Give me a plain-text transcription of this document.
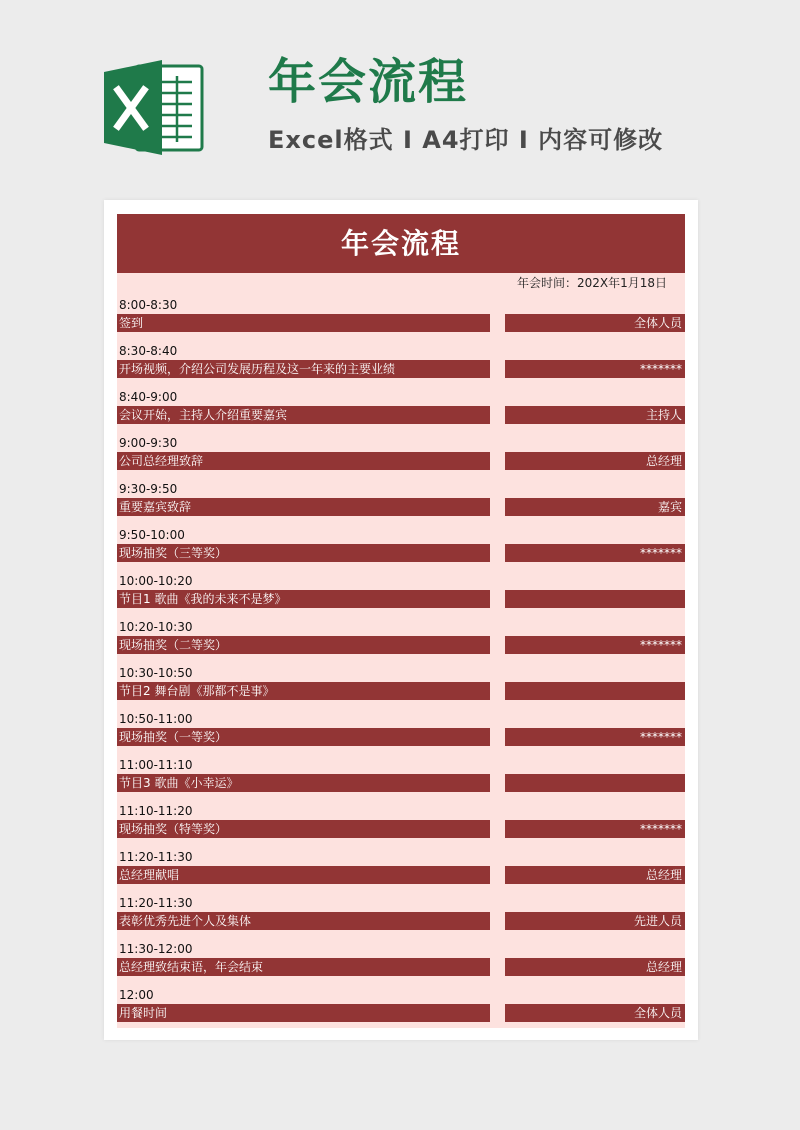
年会流程
Excel格式 I A4打印 I 内容可修改
年会流程
年会时间：202X年1月18日
8:00-8:30
签到	全体人员
8:30-8:40
开场视频，介绍公司发展历程及这一年来的主要业绩	*******
8:40-9:00
会议开始，主持人介绍重要嘉宾	主持人
9:00-9:30
公司总经理致辞	总经理
9:30-9:50
重要嘉宾致辞	嘉宾
9:50-10:00
现场抽奖（三等奖）	*******
10:00-10:20
节目1 歌曲《我的未来不是梦》
10:20-10:30
现场抽奖（二等奖）	*******
10:30-10:50
节目2 舞台剧《那都不是事》
10:50-11:00
现场抽奖（一等奖）	*******
11:00-11:10
节目3 歌曲《小幸运》
11:10-11:20
现场抽奖（特等奖）	*******
11:20-11:30
总经理献唱	总经理
11:20-11:30
表彰优秀先进个人及集体	先进人员
11:30-12:00
总经理致结束语，年会结束	总经理
12:00
用餐时间	全体人员
